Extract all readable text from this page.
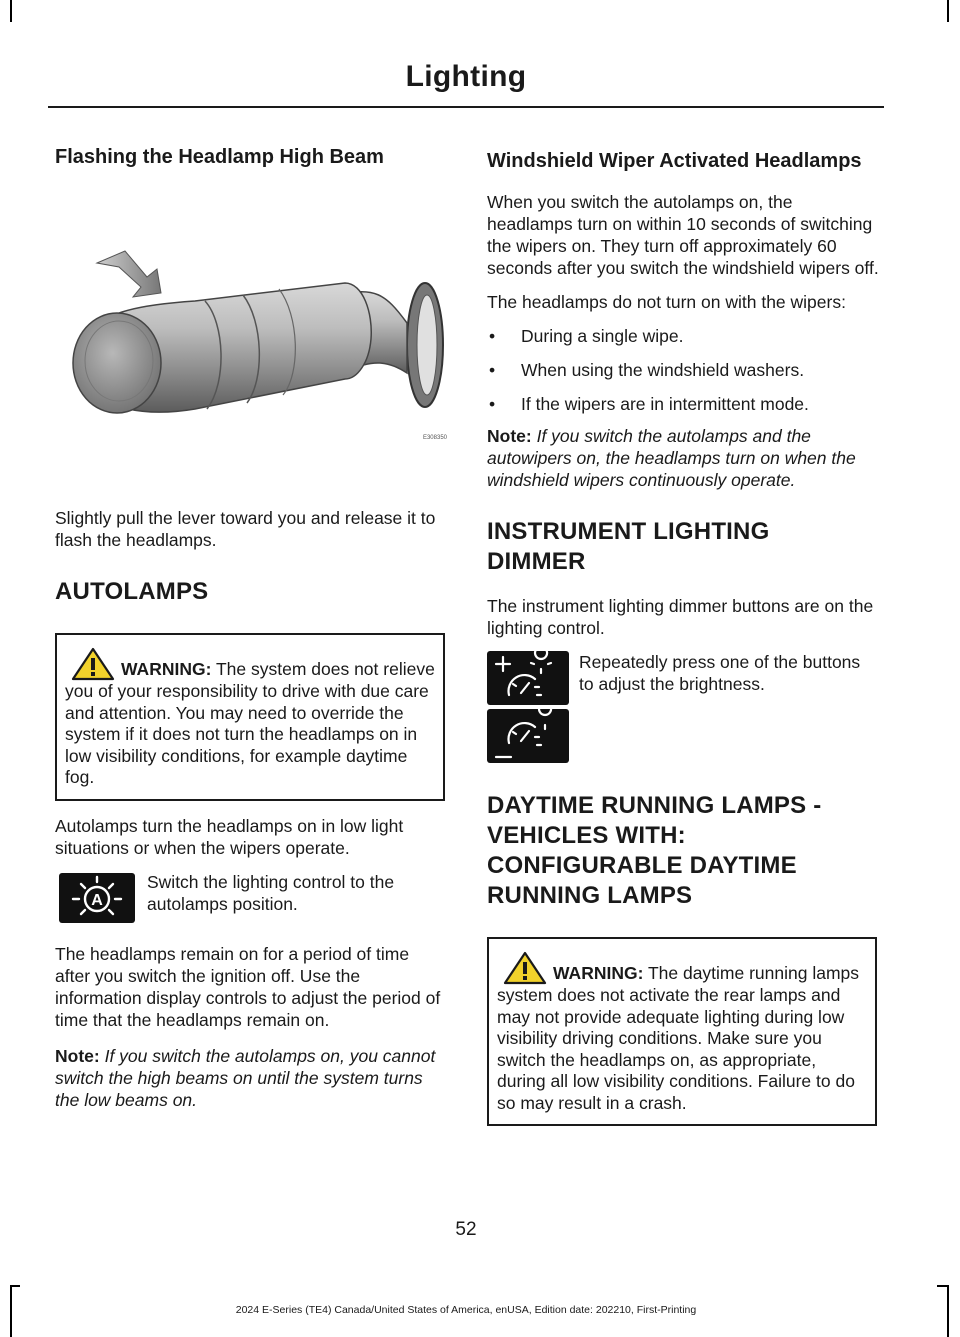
Lighting
Flashing the Headlamp High Beam
E308350

Slightly pull the lever toward you and release it to flash the headlamps.

AUTOLAMPS
WARNING: The system does not relieve you of your responsibility to drive with due care and attention. You may need to override the system if it does not turn the headlamps on in low visibility conditions, for example daytime fog.

Autolamps turn the headlamps on in low light situations or when the wipers operate.

A

Switch the lighting control to the autolamps position.

The headlamps remain on for a period of time after you switch the ignition off. Use the information display controls to adjust the period of time that the headlamps remain on.

Note: If you switch the autolamps on, you cannot switch the high beams on until the system turns the low beams on.

Windshield Wiper Activated Headlamps

When you switch the autolamps on, the headlamps turn on within 10 seconds of switching the wipers on. They turn off approximately 60 seconds after you switch the windshield wipers off.

The headlamps do not turn on with the wipers:

• During a single wipe.
• When using the windshield washers.
• If the wipers are in intermittent mode.

Note: If you switch the autolamps and the autowipers on, the headlamps turn on when the windshield wipers continuously operate.

INSTRUMENT LIGHTING
DIMMER

The instrument lighting dimmer buttons are on the lighting control.

Repeatedly press one of the buttons to adjust the brightness.

DAYTIME RUNNING LAMPS -
VEHICLES WITH:
CONFIGURABLE DAYTIME
RUNNING LAMPS
WARNING: The daytime running lamps system does not activate the rear lamps and may not provide adequate lighting during low visibility driving conditions. Make sure you switch the headlamps on, as appropriate, during all low visibility conditions. Failure to do so may result in a crash.
52
2024 E-Series (TE4) Canada/United States of America, enUSA, Edition date: 202210, First-Printing
